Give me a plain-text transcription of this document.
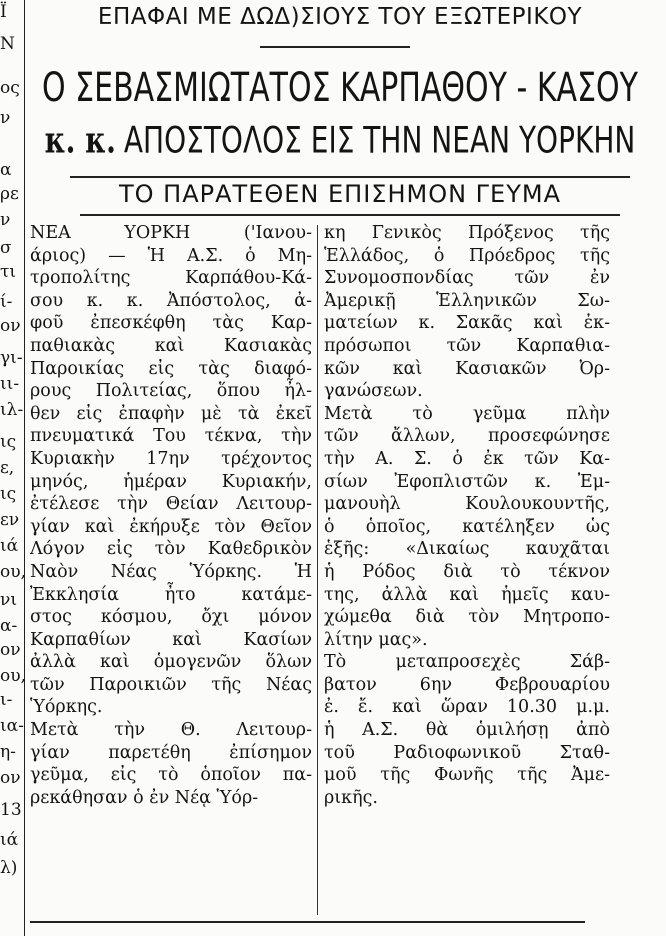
Ϊ
Ν
ος
ν
α
ρε
ν
σ
τι
ί-
ον
γι-
ιι-
ιλ-
ις
ε,
ις
εν
ιά
ου,
νι
α-
ον
ου,
ι-
ια-
η-
ον
13
ιά
λ)
ΕΠΑΦΑΙ ΜΕ ΔΩΔ)ΣΙΟΥΣ ΤΟΥ ΕΞΩΤΕΡΙΚΟΥ
Ο ΣΕΒΑΣΜΙΩΤΑΤΟΣ ΚΑΡΠΑΘΟΥ - ΚΑΣΟΥ
κ. κ. ΑΠΟΣΤΟΛΟΣ ΕΙΣ ΤΗΝ ΝΕΑΝ ΥΟΡΚΗΝ
ΤΟ ΠΑΡΑΤΕΘΕΝ ΕΠΙΣΗΜΟΝ ΓΕΥΜΑ
ΝΕΑ ΥΟΡΚΗ ('Ιανου-
άριος) — Ἡ Α.Σ. ὁ Μη-
τροπολίτης Καρπάθου-Κά-
σου κ. κ. Ἀπόστολος, ἀ-
φοῦ ἐπεσκέφθη τὰς Καρ-
παθιακὰς καὶ Κασιακὰς
Παροικίας εἰς τὰς διαφό-
ρους Πολιτείας, ὅπου ἦλ-
θεν εἰς ἐπαφὴν μὲ τὰ ἐκεῖ
πνευματικά Του τέκνα, τὴν
Κυριακὴν 17ην τρέχοντος
μηνός, ἡμέραν Κυριακήν,
ἐτέλεσε τὴν Θείαν Λειτουρ-
γίαν καὶ ἐκήρυξε τὸν Θεῖον
Λόγον εἰς τὸν Καθεδρικὸν
Ναὸν Νέας Ὑόρκης. Ἡ
Ἐκκλησία ἦτο κατάμε-
στος κόσμου, ὄχι μόνον
Καρπαθίων καὶ Κασίων
ἀλλὰ καὶ ὁμογενῶν ὅλων
τῶν Παροικιῶν τῆς Νέας
Ὑόρκης.
Μετὰ τὴν Θ. Λειτουρ-
γίαν παρετέθη ἐπίσημον
γεῦμα, εἰς τὸ ὁποῖον πα-
ρεκάθησαν ὁ ἐν Νέᾳ Ὑόρ-
κη Γενικὸς Πρόξενος τῆς
Ἑλλάδος, ὁ Πρόεδρος τῆς
Συνομοσπονδίας τῶν ἐν
Ἀμερικῇ Ἑλληνικῶν Σω-
ματείων κ. Σακᾶς καὶ ἐκ-
πρόσωποι τῶν Καρπαθια-
κῶν καὶ Κασιακῶν Ὀρ-
γανώσεων.
Μετὰ τὸ γεῦμα πλὴν
τῶν ἄλλων, προσεφώνησε
τὴν Α. Σ. ὁ ἐκ τῶν Κα-
σίων Ἐφοπλιστῶν κ. Ἐμ-
μανουὴλ Κουλουκουντῆς,
ὁ ὁποῖος, κατέληξεν ὡς
ἑξῆς: «Δικαίως καυχᾶται
ἡ Ρόδος διὰ τὸ τέκνον
της, ἀλλὰ καὶ ἡμεῖς καυ-
χώμεθα διὰ τὸν Μητροπο-
λίτην μας».
Τὸ μεταπροσεχὲς Σάβ-
βατον 6ην Φεβρουαρίου
ἐ. ἔ. καὶ ὥραν 10.30 μ.μ.
ἡ Α.Σ. θὰ ὁμιλήσῃ ἀπὸ
τοῦ Ραδιοφωνικοῦ Σταθ-
μοῦ τῆς Φωνῆς τῆς Ἀμε-
ρικῆς.
